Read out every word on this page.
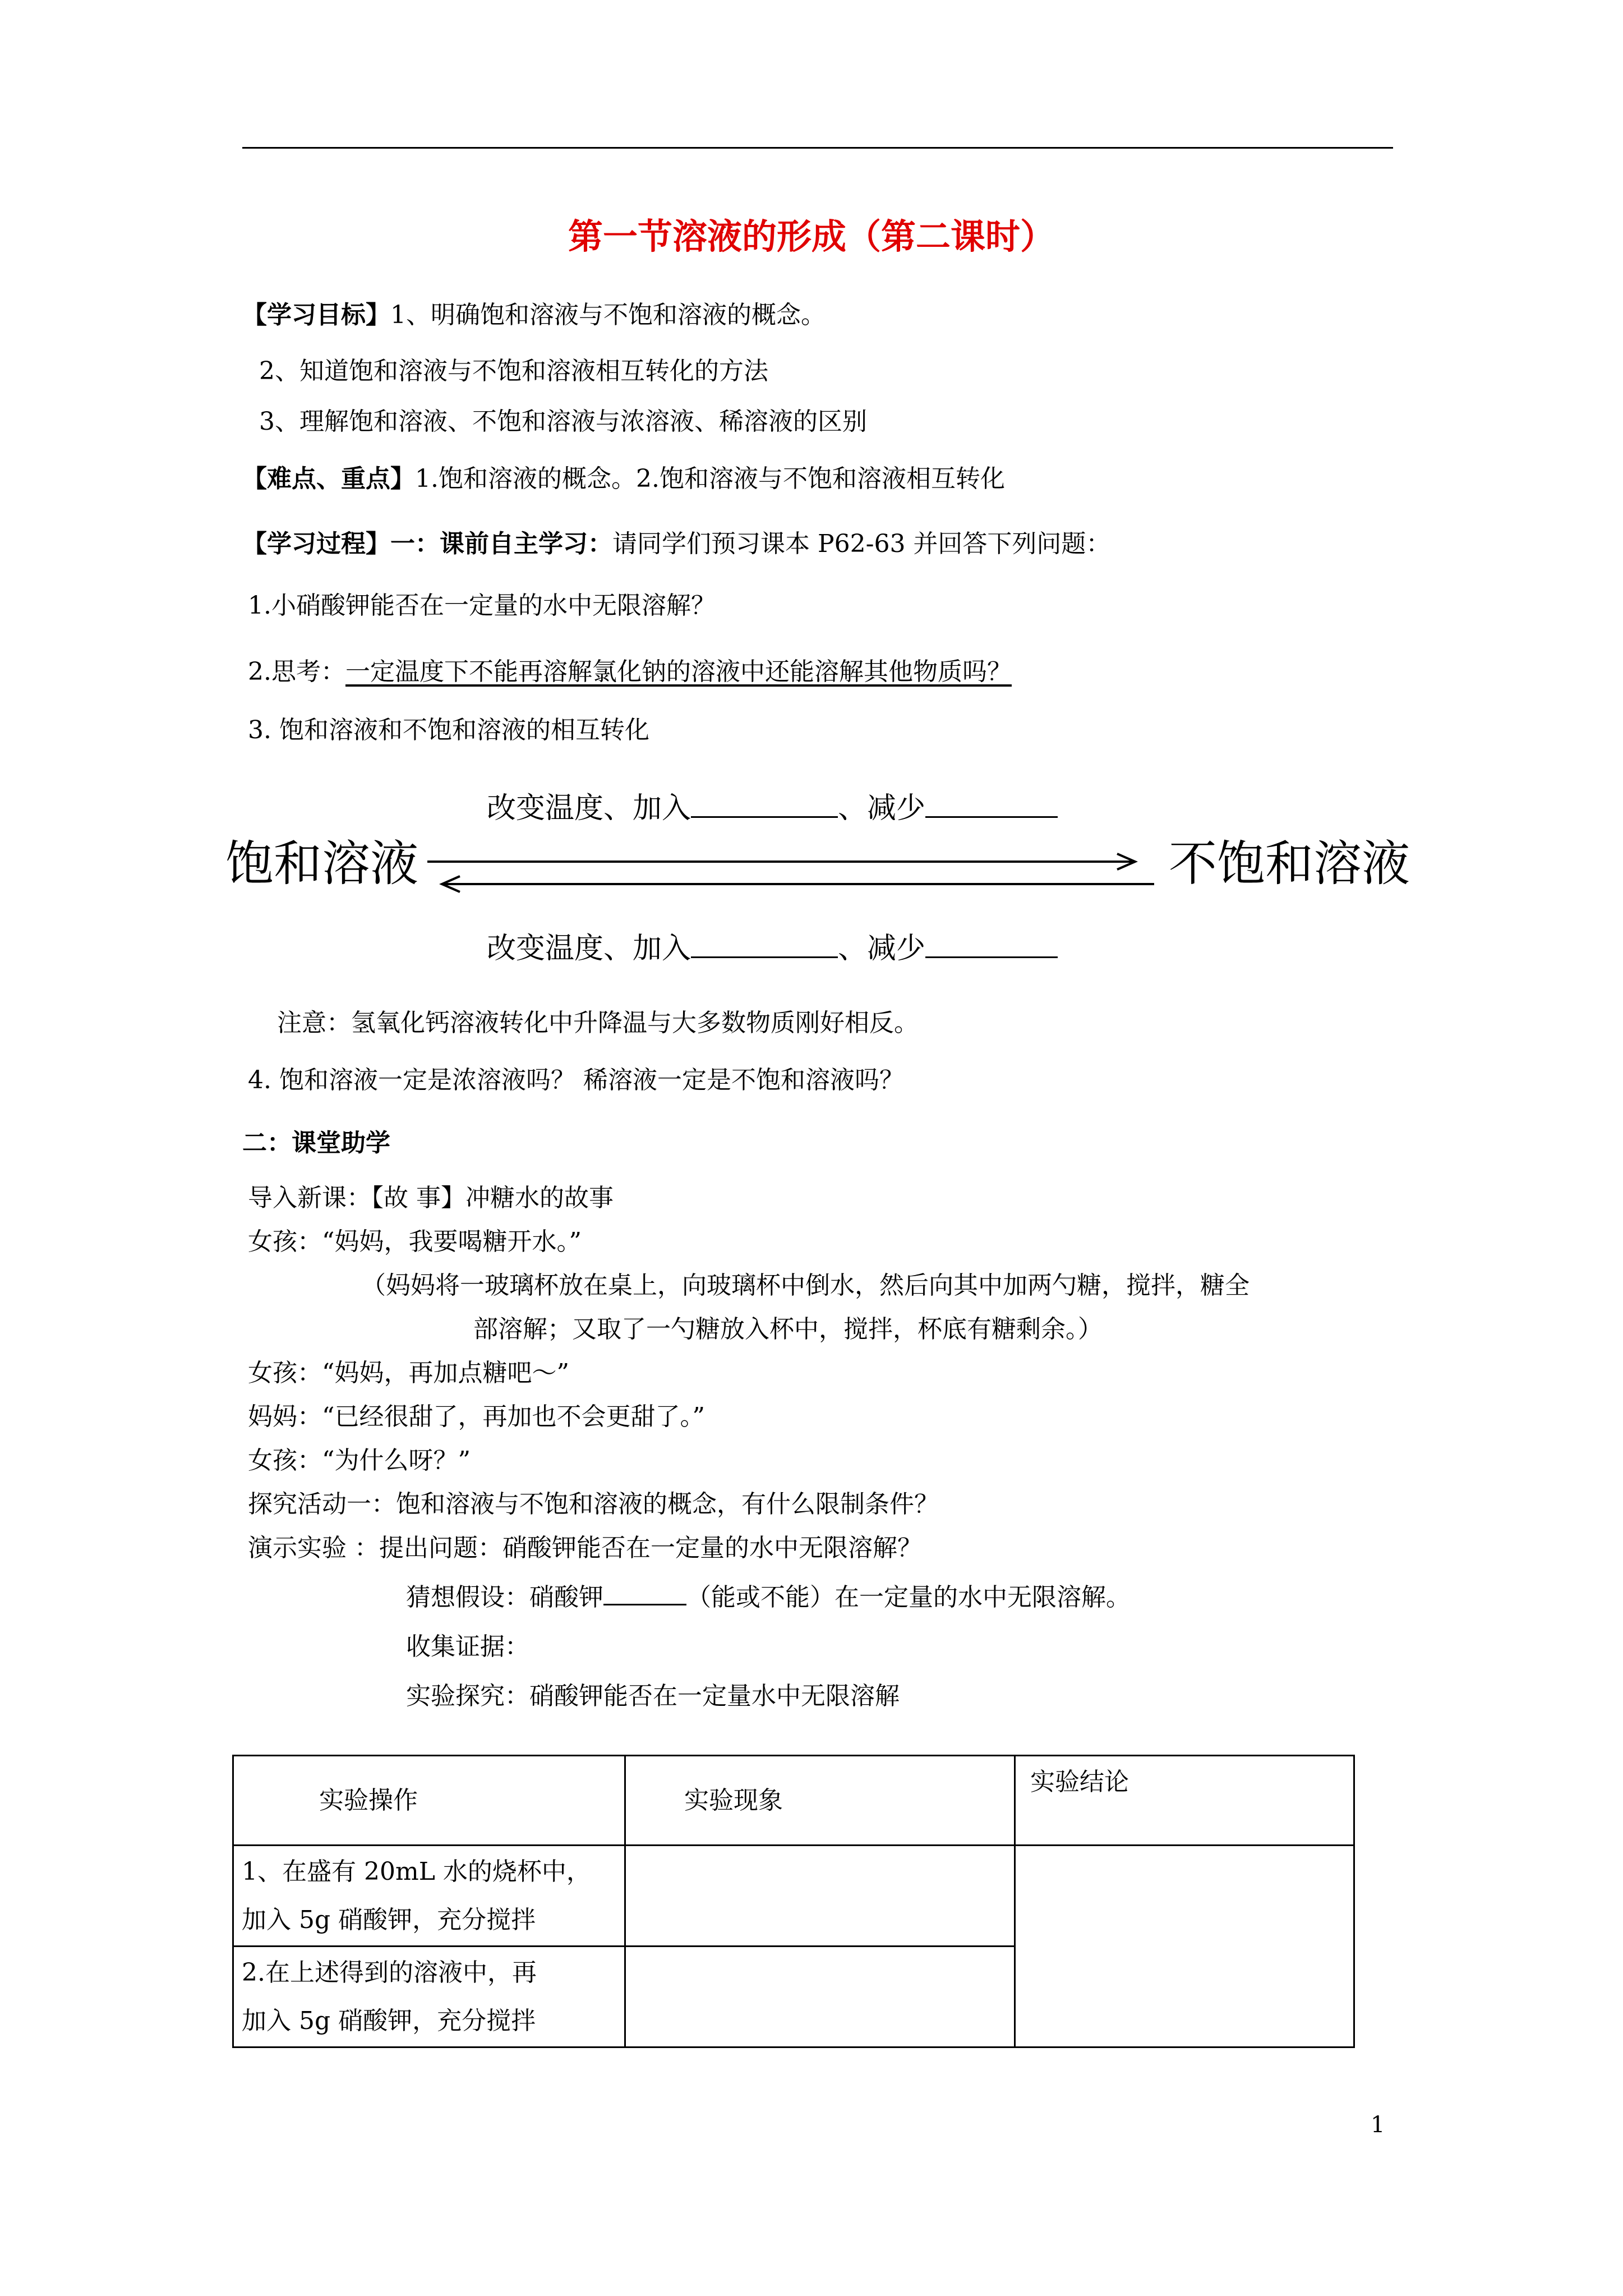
第一节溶液的形成（第二课时）
【学习目标】1、明确饱和溶液与不饱和溶液的概念。
2、知道饱和溶液与不饱和溶液相互转化的方法
3、理解饱和溶液、不饱和溶液与浓溶液、稀溶液的区别
【难点、重点】1.饱和溶液的概念。2.饱和溶液与不饱和溶液相互转化
【学习过程】一：课前自主学习：请同学们预习课本 P62-63 并回答下列问题：
1.小硝酸钾能否在一定量的水中无限溶解？
2.思考：一定温度下不能再溶解氯化钠的溶液中还能溶解其他物质吗？
3. 饱和溶液和不饱和溶液的相互转化
改变温度、加入	、减少
饱和溶液	不饱和溶液
改变温度、加入	、减少
注意：氢氧化钙溶液转化中升降温与大多数物质刚好相反。
4. 饱和溶液一定是浓溶液吗？ 稀溶液一定是不饱和溶液吗？
二：课堂助学
导入新课：【故 事】冲糖水的故事
女孩：“妈妈，我要喝糖开水。”
（妈妈将一玻璃杯放在桌上，向玻璃杯中倒水，然后向其中加两勺糖，搅拌，糖全
部溶解；又取了一勺糖放入杯中，搅拌，杯底有糖剩余。）
女孩：“妈妈，再加点糖吧～”
妈妈：“已经很甜了，再加也不会更甜了。”
女孩：“为什么呀？”
探究活动一：饱和溶液与不饱和溶液的概念，有什么限制条件？
演示实验 ：提出问题：硝酸钾能否在一定量的水中无限溶解？
猜想假设：硝酸钾	（能或不能）在一定量的水中无限溶解。
收集证据：
实验探究：硝酸钾能否在一定量水中无限溶解
实验操作	实验现象	实验结论

1、在盛有 20mL 水的烧杯中，
加入 5g 硝酸钾，充分搅拌		

2.在上述得到的溶液中，再
加入 5g 硝酸钾，充分搅拌		

1
